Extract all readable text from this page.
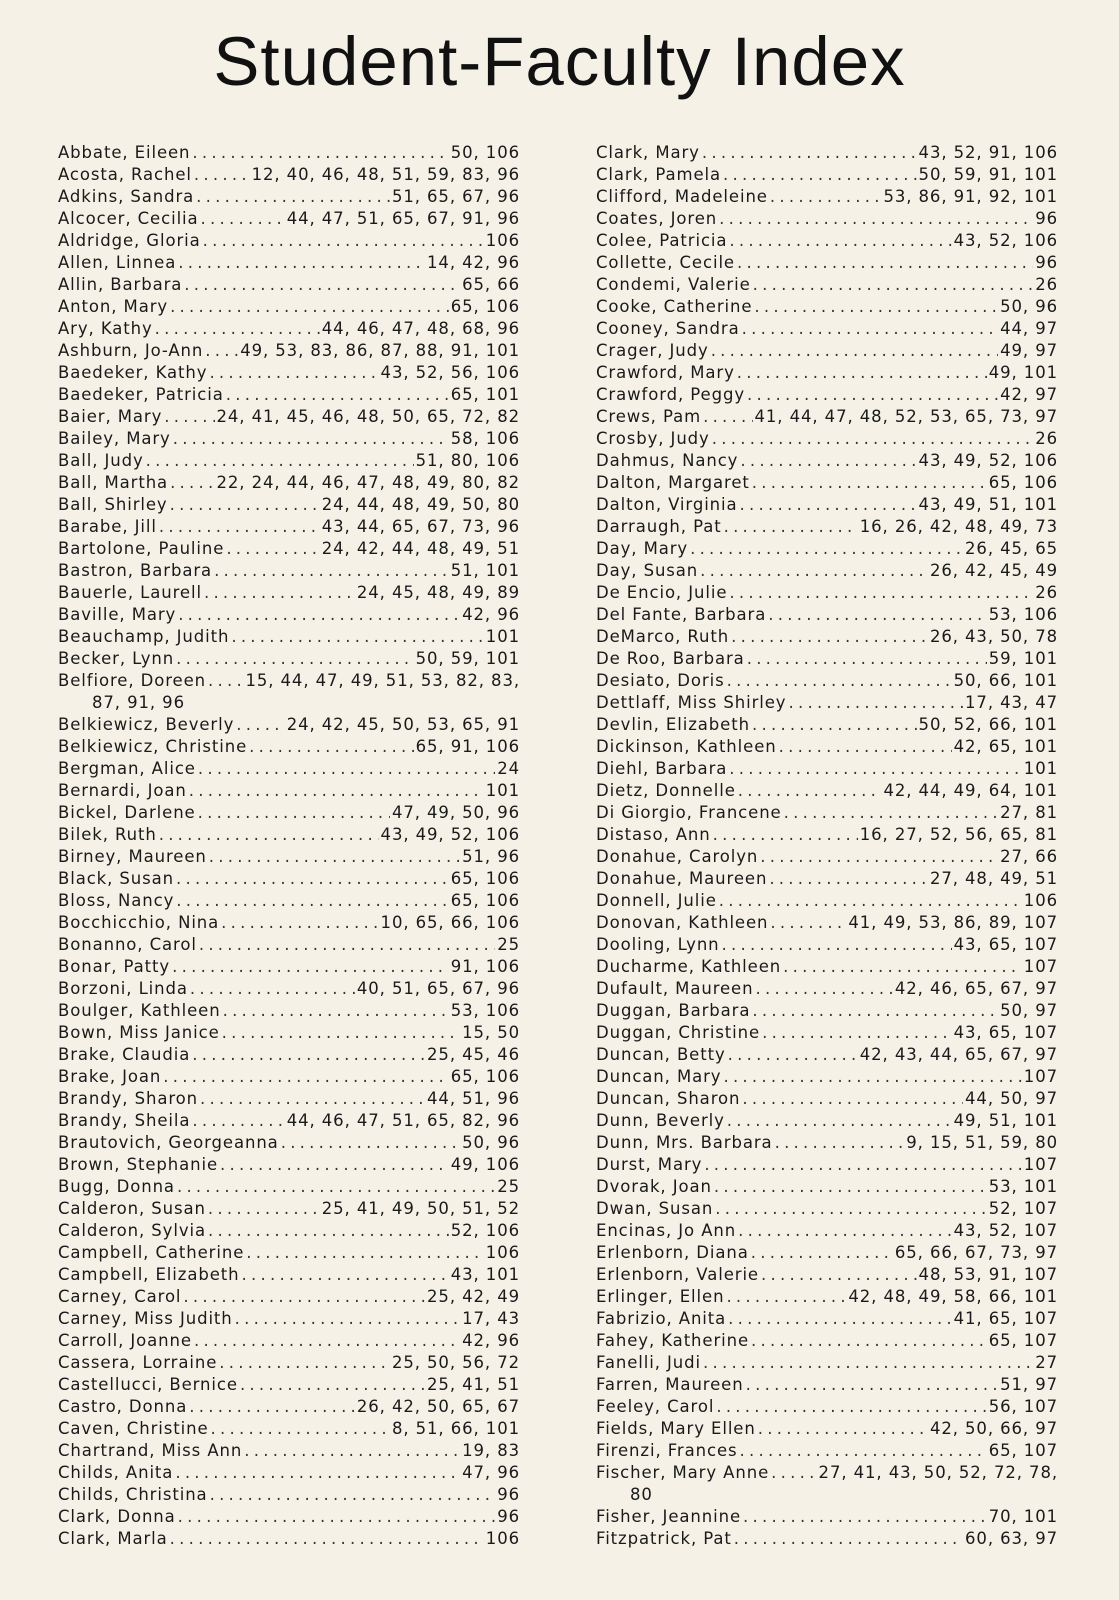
Student-Faculty Index
Abbate, Eileen . . .	50, 106
Acosta, Rachel . . .	12, 40, 46, 48, 51, 59, 83, 96
Adkins, Sandra . . .	51, 65, 67, 96
Alcocer, Cecilia . . .	44, 47, 51, 65, 67, 91, 96
Aldridge, Gloria . . .	106
Allen, Linnea . . .	14, 42, 96
Allin, Barbara . . .	65, 66
Anton, Mary . . .	65, 106
Ary, Kathy . . .	44, 46, 47, 48, 68, 96
Ashburn, Jo-Ann . . . 49, 53, 83, 86, 87, 88, 91, 101
Baedeker, Kathy . . .	43, 52, 56, 106
Baedeker, Patricia . . .	65, 101
Baier, Mary . . .	24, 41, 45, 46, 48, 50, 65, 72, 82
Bailey, Mary . . .	58, 106
Ball, Judy . . .	51, 80, 106
Ball, Martha . . .	22, 24, 44, 46, 47, 48, 49, 80, 82
Ball, Shirley . . .	24, 44, 48, 49, 50, 80
Barabe, Jill . . .	43, 44, 65, 67, 73, 96
Bartolone, Pauline . . .	24, 42, 44, 48, 49, 51
Bastron, Barbara . . .	51, 101
Bauerle, Laurell . . .	24, 45, 48, 49, 89
Baville, Mary . . .	42, 96
Beauchamp, Judith . . .	101
Becker, Lynn . . .	50, 59, 101
Belfiore, Doreen . . . 15, 44, 47, 49, 51, 53, 82, 83,
87, 91, 96
Belkiewicz, Beverly . . .	24, 42, 45, 50, 53, 65, 91
Belkiewicz, Christine . . .	65, 91, 106
Bergman, Alice . . .	24
Bernardi, Joan . . .	101
Bickel, Darlene . . .	47, 49, 50, 96
Bilek, Ruth . . .	43, 49, 52, 106
Birney, Maureen . . .	51, 96
Black, Susan . . .	65, 106
Bloss, Nancy . . .	65, 106
Bocchicchio, Nina . . .	10, 65, 66, 106
Bonanno, Carol . . .	25
Bonar, Patty . . .	91, 106
Borzoni, Linda . . .	40, 51, 65, 67, 96
Boulger, Kathleen . . .	53, 106
Bown, Miss Janice . . .	15, 50
Brake, Claudia . . .	25, 45, 46
Brake, Joan . . .	65, 106
Brandy, Sharon . . .	44, 51, 96
Brandy, Sheila . . .	44, 46, 47, 51, 65, 82, 96
Brautovich, Georgeanna . . .	50, 96
Brown, Stephanie . . .	49, 106
Bugg, Donna . . .	25
Calderon, Susan . . .	25, 41, 49, 50, 51, 52
Calderon, Sylvia . . .	52, 106
Campbell, Catherine . . .	106
Campbell, Elizabeth . . .	43, 101
Carney, Carol . . .	25, 42, 49
Carney, Miss Judith . . .	17, 43
Carroll, Joanne . . .	42, 96
Cassera, Lorraine . . .	25, 50, 56, 72
Castellucci, Bernice . . .	25, 41, 51
Castro, Donna . . .	26, 42, 50, 65, 67
Caven, Christine . . .	8, 51, 66, 101
Chartrand, Miss Ann . . .	19, 83
Childs, Anita . . .	47, 96
Childs, Christina . . .	96
Clark, Donna . . .	96
Clark, Marla . . .	106
Clark, Mary . . .	43, 52, 91, 106
Clark, Pamela . . .	50, 59, 91, 101
Clifford, Madeleine . . .	53, 86, 91, 92, 101
Coates, Joren . . .	96
Colee, Patricia . . .	43, 52, 106
Collette, Cecile . . .	96
Condemi, Valerie . . .	26
Cooke, Catherine . . .	50, 96
Cooney, Sandra . . .	44, 97
Crager, Judy . . .	49, 97
Crawford, Mary . . .	49, 101
Crawford, Peggy . . .	42, 97
Crews, Pam . . .	41, 44, 47, 48, 52, 53, 65, 73, 97
Crosby, Judy . . .	26
Dahmus, Nancy . . .	43, 49, 52, 106
Dalton, Margaret . . .	65, 106
Dalton, Virginia . . .	43, 49, 51, 101
Darraugh, Pat . . .	16, 26, 42, 48, 49, 73
Day, Mary . . .	26, 45, 65
Day, Susan . . .	26, 42, 45, 49
De Encio, Julie . . .	26
Del Fante, Barbara . . .	53, 106
DeMarco, Ruth . . .	26, 43, 50, 78
De Roo, Barbara . . .	59, 101
Desiato, Doris . . .	50, 66, 101
Dettlaff, Miss Shirley . . .	17, 43, 47
Devlin, Elizabeth . . .	50, 52, 66, 101
Dickinson, Kathleen . . .	42, 65, 101
Diehl, Barbara . . .	101
Dietz, Donnelle . . .	42, 44, 49, 64, 101
Di Giorgio, Francene . . .	27, 81
Distaso, Ann . . .	16, 27, 52, 56, 65, 81
Donahue, Carolyn . . .	27, 66
Donahue, Maureen . . .	27, 48, 49, 51
Donnell, Julie . . .	106
Donovan, Kathleen . . .	41, 49, 53, 86, 89, 107
Dooling, Lynn . . .	43, 65, 107
Ducharme, Kathleen . . .	107
Dufault, Maureen . . .	42, 46, 65, 67, 97
Duggan, Barbara . . .	50, 97
Duggan, Christine . . .	43, 65, 107
Duncan, Betty . . .	42, 43, 44, 65, 67, 97
Duncan, Mary . . .	107
Duncan, Sharon . . .	44, 50, 97
Dunn, Beverly . . .	49, 51, 101
Dunn, Mrs. Barbara . . .	9, 15, 51, 59, 80
Durst, Mary . . .	107
Dvorak, Joan . . .	53, 101
Dwan, Susan . . .	52, 107
Encinas, Jo Ann . . .	43, 52, 107
Erlenborn, Diana . . .	65, 66, 67, 73, 97
Erlenborn, Valerie . . .	48, 53, 91, 107
Erlinger, Ellen . . .	42, 48, 49, 58, 66, 101
Fabrizio, Anita . . .	41, 65, 107
Fahey, Katherine . . .	65, 107
Fanelli, Judi . . .	27
Farren, Maureen . . .	51, 97
Feeley, Carol . . .	56, 107
Fields, Mary Ellen . . .	42, 50, 66, 97
Firenzi, Frances . . .	65, 107
Fischer, Mary Anne . . .	27, 41, 43, 50, 52, 72, 78,
80
Fisher, Jeannine . . .	70, 101
Fitzpatrick, Pat . . .	60, 63, 97
